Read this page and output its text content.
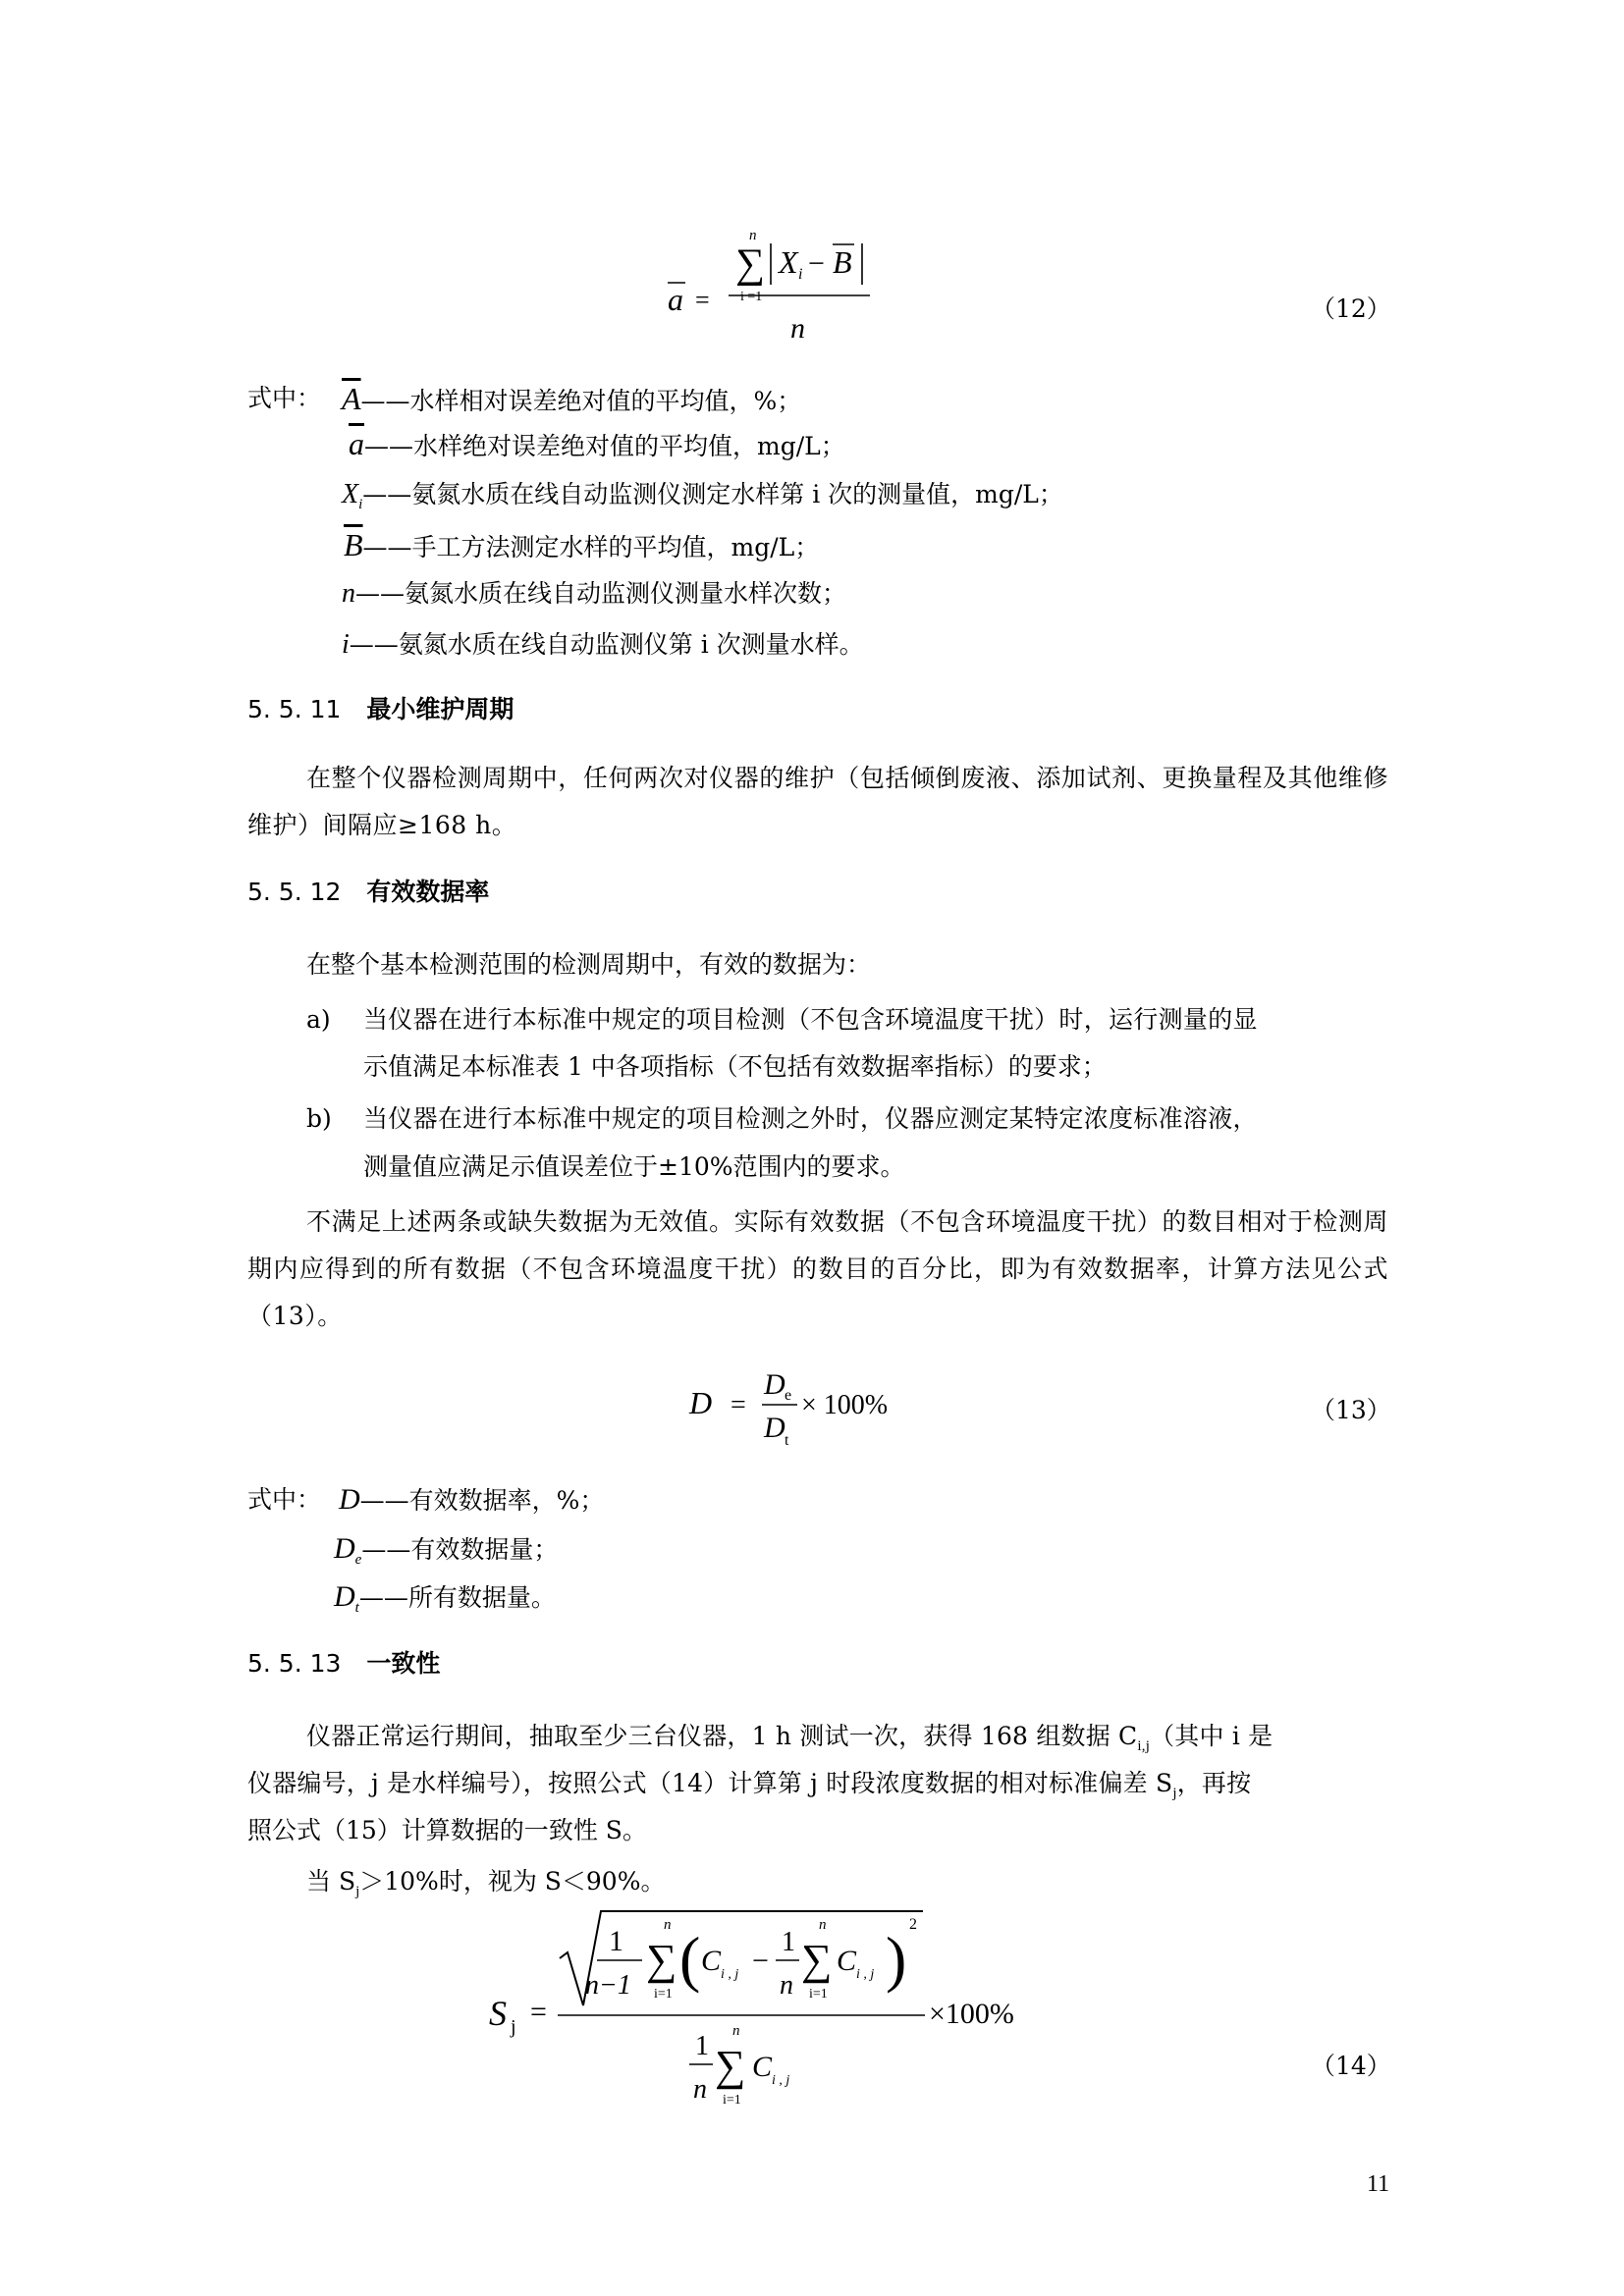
a =
n
∑
i =1
X i − B
n
（12）
式中： $\overline{A}——$水样相对误差绝对值的平均值，%；
$\overline{a}——$水样绝对误差绝对值的平均值，mg/L；
$X_i——$氨氮水质在线自动监测仪测定水样第 i 次的测量值，mg/L；
$\overline{B}——$手工方法测定水样的平均值，mg/L；
n——氨氮水质在线自动监测仪测量水样次数；
i——氨氮水质在线自动监测仪第 i 次测量水样。
5. 5. 11 最小维护周期
在整个仪器检测周期中，任何两次对仪器的维护（包括倾倒废液、添加试剂、更换量程及其他维修维护）间隔应≥168 h。
5. 5. 12 有效数据率
在整个基本检测范围的检测周期中，有效的数据为：
a) 当仪器在进行本标准中规定的项目检测（不包含环境温度干扰）时，运行测量的显
示值满足本标准表 1 中各项指标（不包括有效数据率指标）的要求；
b) 当仪器在进行本标准中规定的项目检测之外时，仪器应测定某特定浓度标准溶液，
测量值应满足示值误差位于±10%范围内的要求。
不满足上述两条或缺失数据为无效值。实际有效数据（不包含环境温度干扰）的数目相对于检测周期内应得到的所有数据（不包含环境温度干扰）的数目的百分比，即为有效数据率，计算方法见公式（13）。
D =
D e
D t
× 100%	（13）
式中： D——有效数据率，%；
$D_e——$有效数据量；
$D_t——$所有数据量。
5. 5. 13 一致性
仪器正常运行期间，抽取至少三台仪器，1 h 测试一次，获得 168 组数据 $C_{i,j}$（其中 i 是
仪器编号，j 是水样编号），按照公式（14）计算第 j 时段浓度数据的相对标准偏差 $S_j$，再按
照公式（15）计算数据的一致性 S。
当 $S_j>10\%$时，视为 S＜90%。
S j =
1
n−1
n
∑
i=1
( C i , j −
1
n
n
∑
i=1
C i , j ) 2
1
n
n
∑
i=1
C i , j
×100%
（14）
11
